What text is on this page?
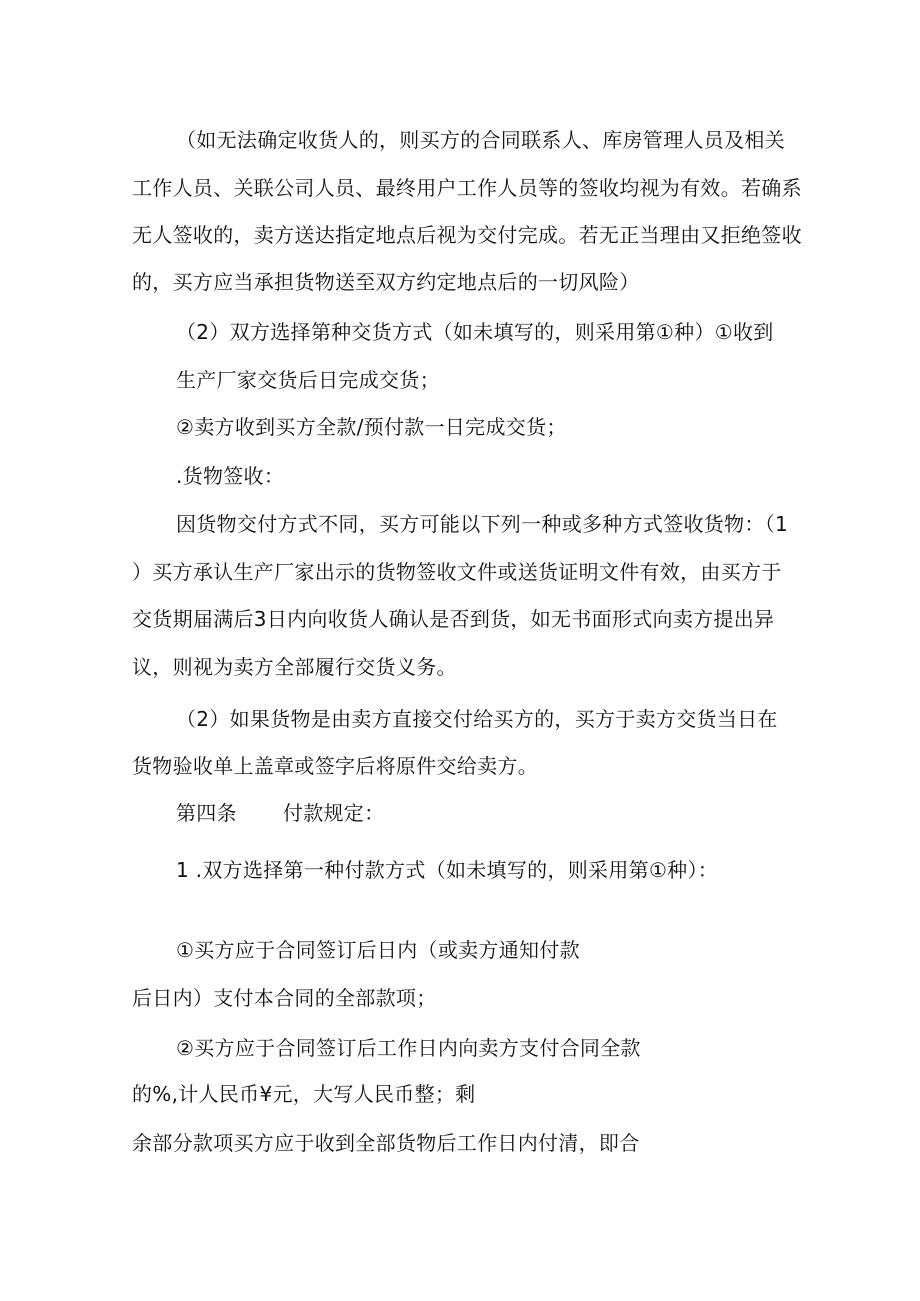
（如无法确定收货人的，则买方的合同联系人、库房管理人员及相关
工作人员、关联公司人员、最终用户工作人员等的签收均视为有效。若确系
无人签收的，卖方送达指定地点后视为交付完成。若无正当理由又拒绝签收
的，买方应当承担货物送至双方约定地点后的一切风险）
（2）双方选择第种交货方式（如未填写的，则采用第①种）①收到
生产厂家交货后日完成交货；
②卖方收到买方全款/预付款一日完成交货；
.货物签收：
因货物交付方式不同，买方可能以下列一种或多种方式签收货物：（1
）买方承认生产厂家出示的货物签收文件或送货证明文件有效，由买方于
交货期届满后3日内向收货人确认是否到货，如无书面形式向卖方提出异
议，则视为卖方全部履行交货义务。
（2）如果货物是由卖方直接交付给买方的，买方于卖方交货当日在
货物验收单上盖章或签字后将原件交给卖方。
第四条 付款规定：
1 .双方选择第一种付款方式（如未填写的，则采用第①种）：
①买方应于合同签订后日内（或卖方通知付款
后日内）支付本合同的全部款项；
②买方应于合同签订后工作日内向卖方支付合同全款
的%,计人民币¥元，大写人民币整；剩
余部分款项买方应于收到全部货物后工作日内付清，即合
